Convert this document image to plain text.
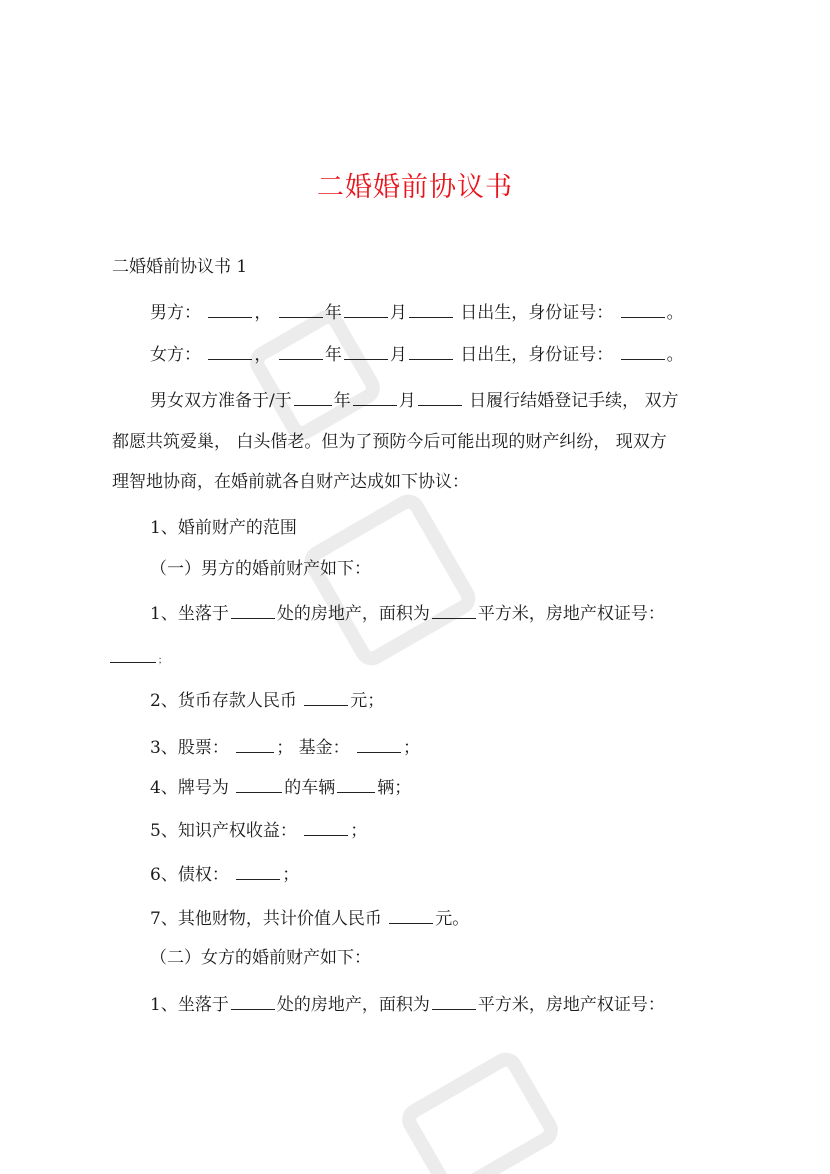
二婚婚前协议书
二婚婚前协议书 1
男方：	，	年	月	日出生，身份证号：	。
女方：	，	年	月	日出生，身份证号：	。
男女双方准备于/于 年	月	日履行结婚登记手续， 双方
都愿共筑爱巢， 白头偕老。但为了预防今后可能出现的财产纠纷， 现双方
理智地协商，在婚前就各自财产达成如下协议：
1、婚前财产的范围
（一）男方的婚前财产如下：
1、坐落于	处的房地产，面积为	平方米，房地产权证号：
；
2、货币存款人民币	元；
3、股票：	； 基金：	；
4、牌号为	的车辆 辆；
5、知识产权收益：	；
6、债权：	；
7、其他财物，共计价值人民币	元。
（二）女方的婚前财产如下：
1、坐落于	处的房地产，面积为	平方米，房地产权证号：
